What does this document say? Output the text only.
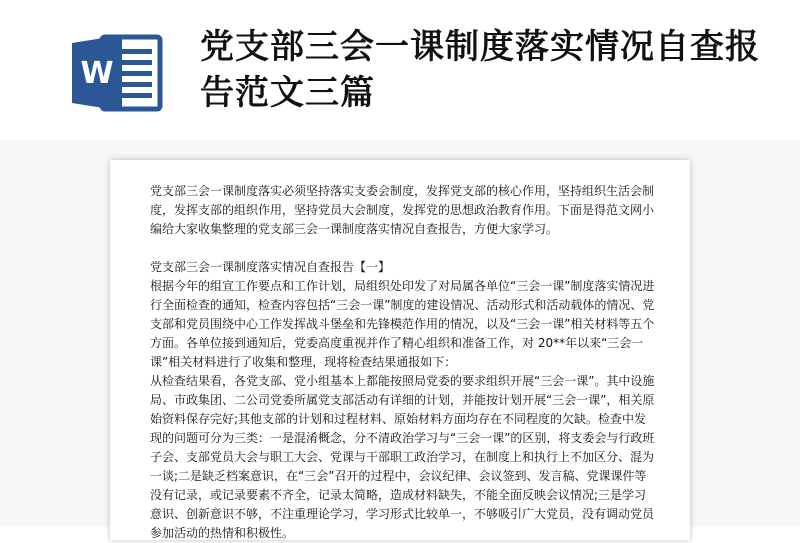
W
党支部三会一课制度落实情况自查报告范文三篇

党支部三会一课制度落实必须坚持落实支委会制度，发挥党支部的核心作用，坚持组织生活会制度，发挥支部的组织作用，坚持党员大会制度，发挥党的思想政治教育作用。下面是得范文网小编给大家收集整理的党支部三会一课制度落实情况自查报告，方便大家学习。

党支部三会一课制度落实情况自查报告【一】

根据今年的组宣工作要点和工作计划，局组织处印发了对局属各单位“三会一课”制度落实情况进行全面检查的通知，检查内容包括“三会一课”制度的建设情况、活动形式和活动载体的情况、党支部和党员围绕中心工作发挥战斗堡垒和先锋模范作用的情况，以及“三会一课”相关材料等五个方面。各单位接到通知后，党委高度重视并作了精心组织和准备工作，对 20**年以来“三会一课”相关材料进行了收集和整理，现将检查结果通报如下：

从检查结果看，各党支部、党小组基本上都能按照局党委的要求组织开展“三会一课”。其中设施局、市政集团、二公司党委所属党支部活动有详细的计划，并能按计划开展“三会一课”，相关原始资料保存完好;其他支部的计划和过程材料、原始材料方面均存在不同程度的欠缺。检查中发现的问题可分为三类：一是混淆概念，分不清政治学习与“三会一课”的区别，将支委会与行政班子会、支部党员大会与职工大会、党课与干部职工政治学习，在制度上和执行上不加区分、混为一谈;二是缺乏档案意识，在“三会”召开的过程中，会议纪律、会议签到、发言稿、党课课件等没有记录，或记录要素不齐全，记录太简略，造成材料缺失，不能全面反映会议情况;三是学习意识、创新意识不够，不注重理论学习，学习形式比较单一，不够吸引广大党员，没有调动党员参加活动的热情和积极性。
